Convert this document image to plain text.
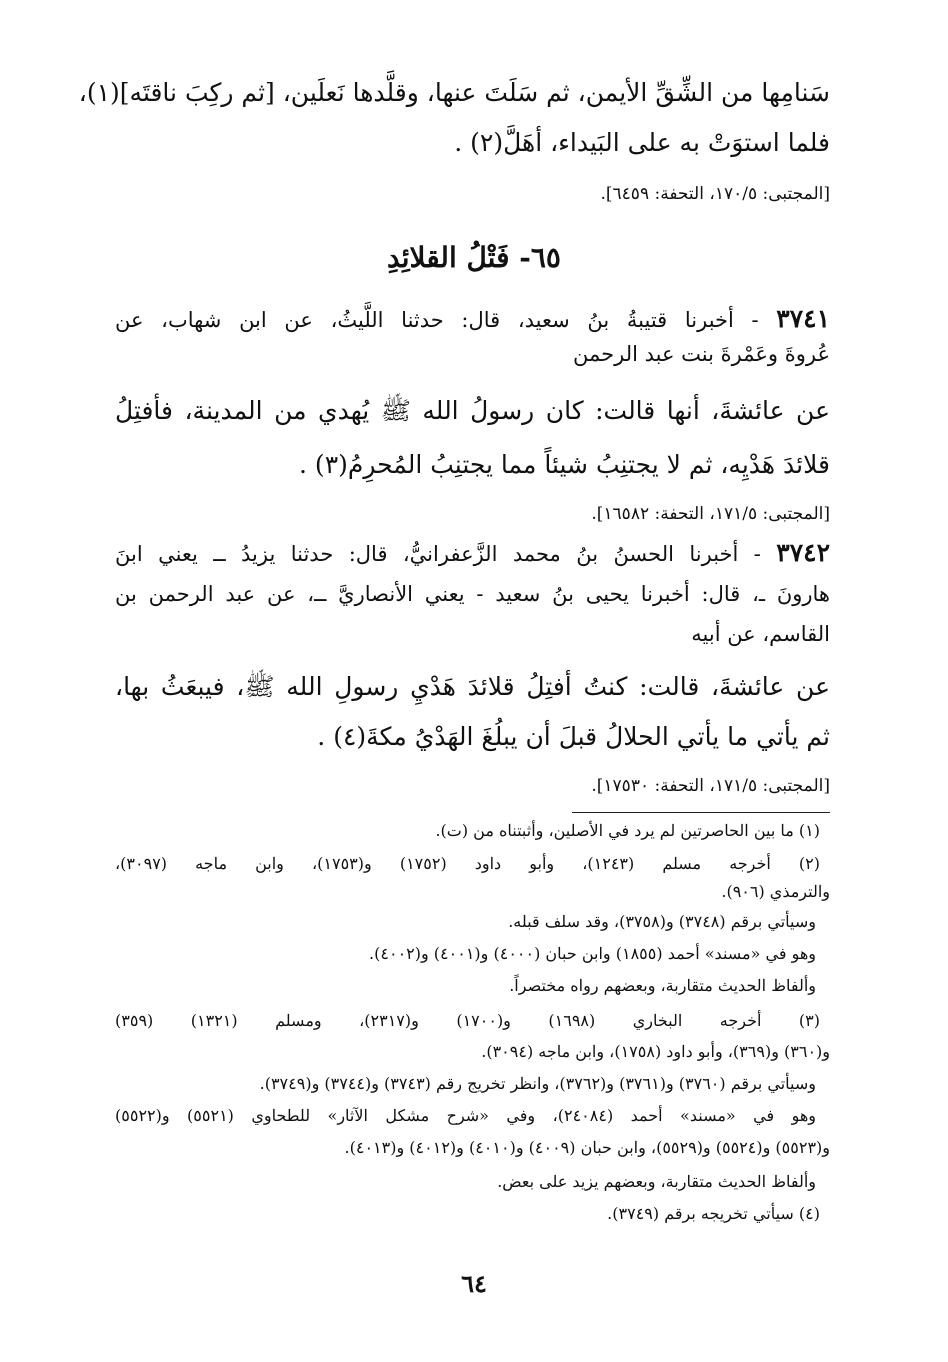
سَنامِها من الشِّقِّ الأيمن، ثم سَلَتَ عنها، وقلَّدها نَعلَين، [ثم ركِبَ ناقتَه](١)،
فلما استوَتْ به على البَيداء، أهَلَّ(٢) .
[المجتبى: ١٧٠/٥، التحفة: ٦٤٥٩].
٦٥- فَتْلُ القلائِدِ
٣٧٤١ - أخبرنا قتيبةُ بنُ سعيد، قال: حدثنا اللَّيثُ، عن ابن شهاب، عن
عُروةَ وعَمْرةَ بنت عبد الرحمن
عن عائشةَ، أنها قالت: كان رسولُ الله ﷺ يُهدي من المدينة، فأفتِلُ
قلائدَ هَدْيِه، ثم لا يجتنِبُ شيئاً مما يجتنِبُ المُحرِمُ(٣) .
[المجتبى: ١٧١/٥، التحفة: ١٦٥٨٢].
٣٧٤٢ - أخبرنا الحسنُ بنُ محمد الزَّعفرانيُّ، قال: حدثنا يزيدُ ــ يعني ابنَ
هارونَ ـ، قال: أخبرنا يحيى بنُ سعيد - يعني الأنصاريَّ ــ، عن عبد الرحمن بن
القاسم، عن أبيه
عن عائشةَ، قالت: كنتُ أفتِلُ قلائدَ هَدْيِ رسولِ الله ﷺ، فيبعَثُ بها،
ثم يأتي ما يأتي الحلالُ قبلَ أن يبلُغَ الهَدْيُ مكةَ(٤) .
[المجتبى: ١٧١/٥، التحفة: ١٧٥٣٠].
(١) ما بين الحاصرتين لم يرد في الأصلين، وأثبتناه من (ت).
(٢) أخرجه مسلم (١٢٤٣)، وأبو داود (١٧٥٢) و(١٧٥٣)، وابن ماجه (٣٠٩٧)،
والترمذي (٩٠٦).
وسيأتي برقم (٣٧٤٨) و(٣٧٥٨)، وقد سلف قبله.
وهو في «مسند» أحمد (١٨٥٥) وابن حبان (٤٠٠٠) و(٤٠٠١) و(٤٠٠٢).
وألفاظ الحديث متقاربة، وبعضهم رواه مختصراً.
(٣) أخرجه البخاري (١٦٩٨) و(١٧٠٠) و(٢٣١٧)، ومسلم (١٣٢١) (٣٥٩)
و(٣٦٠) و(٣٦٩)، وأبو داود (١٧٥٨)، وابن ماجه (٣٠٩٤).
وسيأتي برقم (٣٧٦٠) و(٣٧٦١) و(٣٧٦٢)، وانظر تخريج رقم (٣٧٤٣) و(٣٧٤٤) و(٣٧٤٩).
وهو في «مسند» أحمد (٢٤٠٨٤)، وفي «شرح مشكل الآثار» للطحاوي (٥٥٢١) و(٥٥٢٢)
و(٥٥٢٣) و(٥٥٢٤) و(٥٥٢٩)، وابن حبان (٤٠٠٩) و(٤٠١٠) و(٤٠١٢) و(٤٠١٣).
وألفاظ الحديث متقاربة، وبعضهم يزيد على بعض.
(٤) سيأتي تخريجه برقم (٣٧٤٩).
٦٤
